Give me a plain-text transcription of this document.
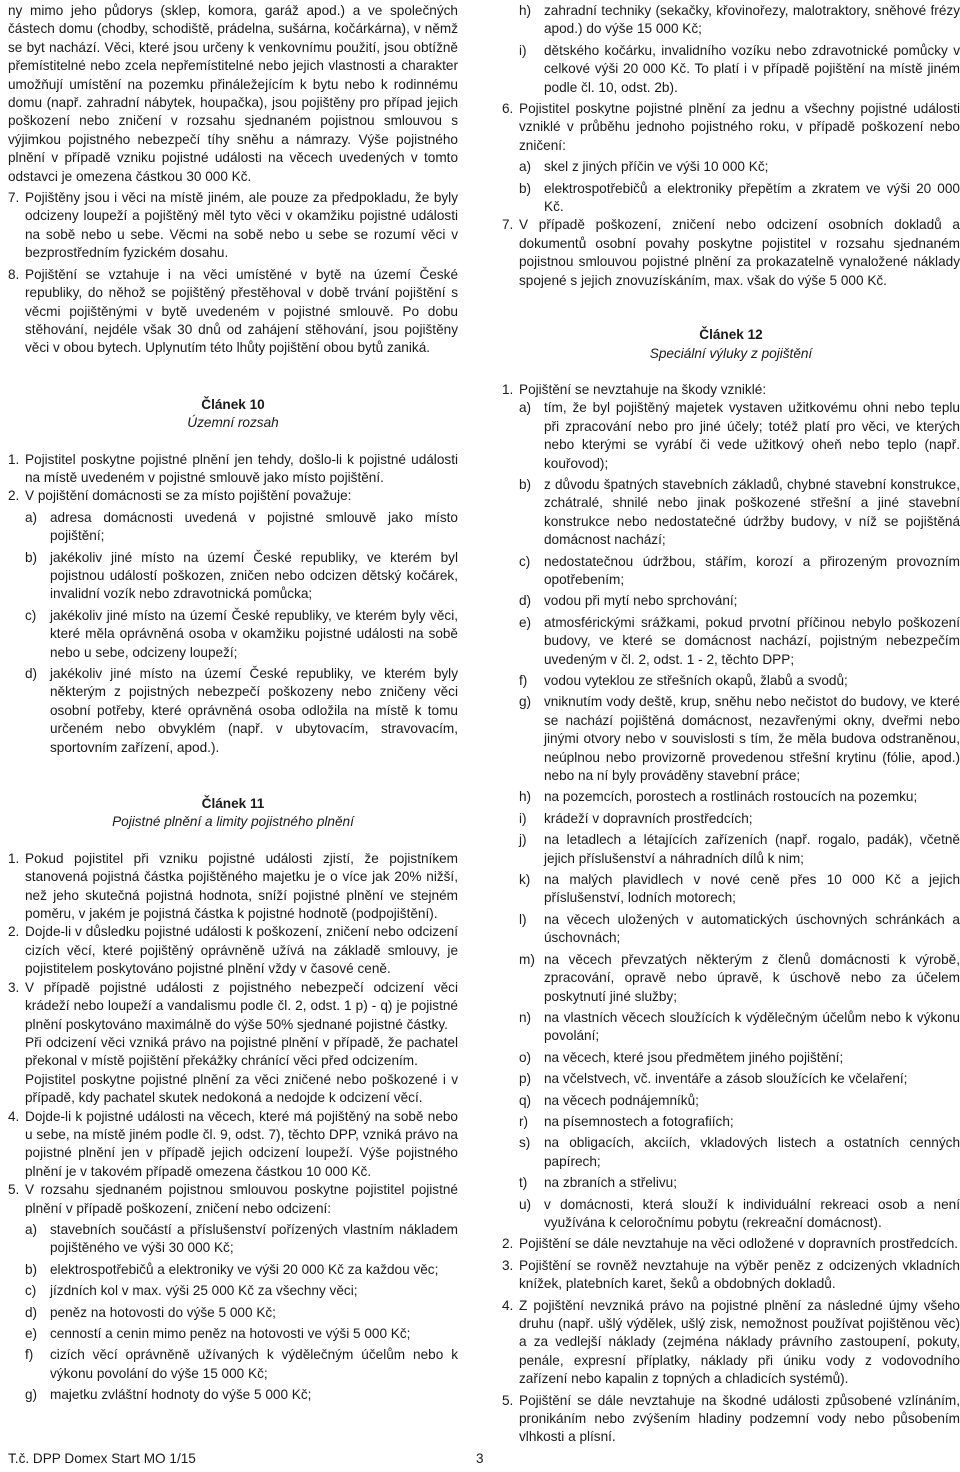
ny mimo jeho půdorys (sklep, komora, garáž apod.) a ve společných částech domu (chodby, schodiště, prádelna, sušárna, kočárkárna), v němž se byt nachází. Věci, které jsou určeny k venkovnímu použití, jsou obtížně přemístitelné nebo zcela nepřemístitelné nebo jejich vlastnosti a charakter umožňují umístění na pozemku přináležejícím k bytu nebo k rodinnému domu (např. zahradní nábytek, houpačka), jsou pojištěny pro případ jejich poškození nebo zničení v rozsahu sjednaném pojistnou smlouvou s výjimkou pojistného nebezpečí tíhy sněhu a námrazy. Výše pojistného plnění v případě vzniku pojistné události na věcech uvedených v tomto odstavci je omezena částkou 30 000 Kč.

7. Pojištěny jsou i věci na místě jiném, ale pouze za předpokladu, že byly odcizeny loupeží a pojištěný měl tyto věci v okamžiku pojistné události na sobě nebo u sebe. Věcmi na sobě nebo u sebe se rozumí věci v bezprostředním fyzickém dosahu.
8. Pojištění se vztahuje i na věci umístěné v bytě na území České republiky, do něhož se pojištěný přestěhoval v době trvání pojištění s věcmi pojištěnými v bytě uvedeném v pojistné smlouvě. Po dobu stěhování, nejdéle však 30 dnů od zahájení stěhování, jsou pojištěny věci v obou bytech. Uplynutím této lhůty pojištění obou bytů zaniká.
Článek 10
Územní rozsah
1. Pojistitel poskytne pojistné plnění jen tehdy, došlo-li k pojistné události na místě uvedeném v pojistné smlouvě jako místo pojištění.
2. V pojištění domácnosti se za místo pojištění považuje:
a) adresa domácnosti uvedená v pojistné smlouvě jako místo pojištění;
b) jakékoliv jiné místo na území České republiky, ve kterém byl pojistnou událostí poškozen, zničen nebo odcizen dětský kočárek, invalidní vozík nebo zdravotnická pomůcka;
c) jakékoliv jiné místo na území České republiky, ve kterém byly věci, které měla oprávněná osoba v okamžiku pojistné události na sobě nebo u sebe, odcizeny loupeží;
d) jakékoliv jiné místo na území České republiky, ve kterém byly některým z pojistných nebezpečí poškozeny nebo zničeny věci osobní potřeby, které oprávněná osoba odložila na místě k tomu určeném nebo obvyklém (např. v ubytovacím, stravovacím, sportovním zařízení, apod.).
Článek 11
Pojistné plnění a limity pojistného plnění
1. Pokud pojistitel při vzniku pojistné události zjistí, že pojistníkem stanovená pojistná částka pojištěného majetku je o více jak 20% nižší, než jeho skutečná pojistná hodnota, sníží pojistné plnění ve stejném poměru, v jakém je pojistná částka k pojistné hodnotě (podpojištění).
2. Dojde-li v důsledku pojistné události k poškození, zničení nebo odcizení cizích věcí, které pojištěný oprávněně užívá na základě smlouvy, je pojistitelem poskytováno pojistné plnění vždy v časové ceně.
3. V případě pojistné události z pojistného nebezpečí odcizení věci krádeží nebo loupeží a vandalismu podle čl. 2, odst. 1 p) - q) je pojistné plnění poskytováno maximálně do výše 50% sjednané pojistné částky.

Při odcizení věci vzniká právo na pojistné plnění v případě, že pachatel překonal v místě pojištění překážky chránící věci před odcizením.

Pojistitel poskytne pojistné plnění za věci zničené nebo poškozené i v případě, kdy pachatel skutek nedokoná a nedojde k odcizení věcí.

4. Dojde-li k pojistné události na věcech, které má pojištěný na sobě nebo u sebe, na místě jiném podle čl. 9, odst. 7), těchto DPP, vzniká právo na pojistné plnění jen v případě jejich odcizení loupeží. Výše pojistného plnění je v takovém případě omezena částkou 10 000 Kč.
5. V rozsahu sjednaném pojistnou smlouvou poskytne pojistitel pojistné plnění v případě poškození, zničení nebo odcizení:
a) stavebních součástí a příslušenství pořízených vlastním nákladem pojištěného ve výši 30 000 Kč;
b) elektrospotřebičů a elektroniky ve výši 20 000 Kč za každou věc;
c) jízdních kol v max. výši 25 000 Kč za všechny věci;
d) peněz na hotovosti do výše 5 000 Kč;
e) cenností a cenin mimo peněz na hotovosti ve výši 5 000 Kč;
f) cizích věcí oprávněně užívaných k výdělečným účelům nebo k výkonu povolání do výše 15 000 Kč;
g) majetku zvláštní hodnoty do výše 5 000 Kč;
h) zahradní techniky (sekačky, křovinořezy, malotraktory, sněhové frézy apod.) do výše 15 000 Kč;
i) dětského kočárku, invalidního vozíku nebo zdravotnické pomůcky v celkové výši 20 000 Kč. To platí i v případě pojištění na místě jiném podle čl. 10, odst. 2b).
6. Pojistitel poskytne pojistné plnění za jednu a všechny pojistné události vzniklé v průběhu jednoho pojistného roku, v případě poškození nebo zničení:
a) skel z jiných příčin ve výši 10 000 Kč;
b) elektrospotřebičů a elektroniky přepětím a zkratem ve výši 20 000 Kč.
7. V případě poškození, zničení nebo odcizení osobních dokladů a dokumentů osobní povahy poskytne pojistitel v rozsahu sjednaném pojistnou smlouvou pojistné plnění za prokazatelně vynaložené náklady spojené s jejich znovuzískáním, max. však do výše 5 000 Kč.
Článek 12
Speciální výluky z pojištění
1. Pojištění se nevztahuje na škody vzniklé:
a) tím, že byl pojištěný majetek vystaven užitkovému ohni nebo teplu při zpracování nebo pro jiné účely; totéž platí pro věci, ve kterých nebo kterými se vyrábí či vede užitkový oheň nebo teplo (např. kouřovod);
b) z důvodu špatných stavebních základů, chybné stavební konstrukce, zchátralé, shnilé nebo jinak poškozené střešní a jiné stavební konstrukce nebo nedostatečné údržby budovy, v níž se pojištěná domácnost nachází;
c) nedostatečnou údržbou, stářím, korozí a přirozeným provozním opotřebením;
d) vodou při mytí nebo sprchování;
e) atmosférickými srážkami, pokud prvotní příčinou nebylo poškození budovy, ve které se domácnost nachází, pojistným nebezpečím uvedeným v čl. 2, odst. 1 - 2, těchto DPP;
f) vodou vyteklou ze střešních okapů, žlabů a svodů;
g) vniknutím vody deště, krup, sněhu nebo nečistot do budovy, ve které se nachází pojištěná domácnost, nezavřenými okny, dveřmi nebo jinými otvory nebo v souvislosti s tím, že měla budova odstraněnou, neúplnou nebo provizorně provedenou střešní krytinu (fólie, apod.) nebo na ní byly prováděny stavební práce;
h) na pozemcích, porostech a rostlinách rostoucích na pozemku;
i) krádeží v dopravních prostředcích;
j) na letadlech a létajících zařízeních (např. rogalo, padák), včetně jejich příslušenství a náhradních dílů k nim;
k) na malých plavidlech v nové ceně přes 10 000 Kč a jejich příslušenství, lodních motorech;
l) na věcech uložených v automatických úschovných schránkách a úschovnách;
m) na věcech převzatých některým z členů domácnosti k výrobě, zpracování, opravě nebo úpravě, k úschově nebo za účelem poskytnutí jiné služby;
n) na vlastních věcech sloužících k výdělečným účelům nebo k výkonu povolání;
o) na věcech, které jsou předmětem jiného pojištění;
p) na včelstvech, vč. inventáře a zásob sloužících ke včelaření;
q) na věcech podnájemníků;
r) na písemnostech a fotografiích;
s) na obligacích, akciích, vkladových listech a ostatních cenných papírech;
t) na zbraních a střelivu;
u) v domácnosti, která slouží k individuální rekreaci osob a není využívána k celoročnímu pobytu (rekreační domácnost).
2. Pojištění se dále nevztahuje na věci odložené v dopravních prostředcích.
3. Pojištění se rovněž nevztahuje na výběr peněz z odcizených vkladních knížek, platebních karet, šeků a obdobných dokladů.
4. Z pojištění nevzniká právo na pojistné plnění za následné újmy všeho druhu (např. ušlý výdělek, ušlý zisk, nemožnost používat pojištěnou věc) a za vedlejší náklady (zejména náklady právního zastoupení, pokuty, penále, expresní příplatky, náklady při úniku vody z vodovodního zařízení nebo kapalin z topných a chladicích systémů).
5. Pojištění se dále nevztahuje na škodné události způsobené vzlínáním, pronikáním nebo zvýšením hladiny podzemní vody nebo působením vlhkosti a plísní.
T.č. DPP Domex Start MO 1/15	3
